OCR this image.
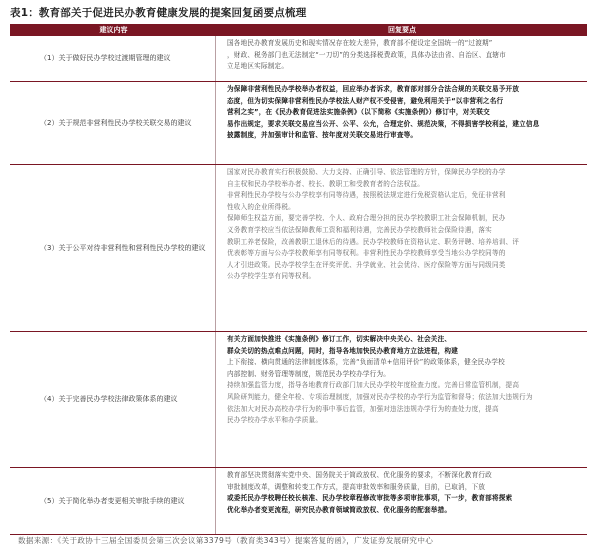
表1：教育部关于促进民办教育健康发展的提案回复函要点梳理
建议内容	回复要点
（1）关于做好民办学校过渡期管理的建议

国各地民办教育发展历史和现实情况存在较大差异，教育部不便设定全国统一的“过渡期”

，财政、税务部门也无法制定“一刀切”的分类选择税费政策，具体办法由省、自治区、直辖市

立足地区实际制定。

（2）关于规范非营利性民办学校关联交易的建议

为保障非营利性民办学校举办者权益，回应举办者诉求，教育部对部分合法合规的关联交易予开放

态度，但为切实保障非营利性民办学校法人财产权不受侵害，避免利用关于“以非营利之名行

营利之实”，在《民办教育促进法实施条例》（以下简称《实施条例》）修订中，对关联交

易作出规定，要求关联交易应当公开、公平、公允，合理定价、规范决策，不得损害学校利益，建立信息

披露制度，并加强审计和监管、按年度对关联交易进行审查等。

（3）关于公平对待非营利性和营利性民办学校的建议

国家对民办教育实行积极鼓励、大力支持、正确引导、依法管理的方针，保障民办学校的办学

自主权和民办学校举办者、校长、教职工和受教育者的合法权益。

非营利性民办学校与公办学校享有同等待遇，按照税法规定进行免税资格认定后，免征非营利

性收入的企业所得税。

保障师生权益方面，要完善学校、个人、政府合理分担的民办学校教职工社会保障机制，民办

义务教育学校应当依法保障教师工资和福利待遇，完善民办学校教师社会保险待遇，落实

教职工养老保险，改善教职工退休后的待遇。民办学校教师在资格认定、职务评聘、培养培训、评

优表彰等方面与公办学校教师享有同等权利。非营利性民办学校教师享受当地公办学校同等的

人才引进政策。民办学校学生在评奖评优、升学就业、社会优待、医疗保险等方面与同级同类

公办学校学生享有同等权利。

（4）关于完善民办学校法律政策体系的建议

有关方面加快推进《实施条例》修订工作，切实解决中央关心、社会关注、

群众关切的热点难点问题，同时，指导各地加快民办教育地方立法进程，构建

上下衔接、横向贯通的法律制度体系，完善“负面清单+信用评价”的政策体系，健全民办学校

内部控制、财务管理等制度，规范民办学校办学行为。

持续加强监管力度，指导各地教育行政部门加大民办学校年度检查力度。完善日常监管机制，提高

风险研判能力，健全年检、专项治理制度，加强对民办学校的办学行为监管和督导；依法加大违规行为

依法加大对民办高校办学行为的事中事后监管，加强对违法违规办学行为的查处力度，提高

民办学校办学水平和办学质量。

（5）关于简化举办者变更相关审批手续的建议

教育部坚决贯彻落实党中央、国务院关于简政放权、优化服务的要求，不断深化教育行政

审批制度改革，调整和转变工作方式，提高审批效率和服务质量，目前，已取消，下放

或委托民办学校聘任校长核准、民办学校章程修改审批等多项审批事项，下一步，教育部将探索

优化举办者变更流程，研究民办教育领域简政放权、优化服务的配套举措。

数据来源：《关于政协十三届全国委员会第三次会议第3379号（教育类343号）提案答复的函》，广发证券发展研究中心
